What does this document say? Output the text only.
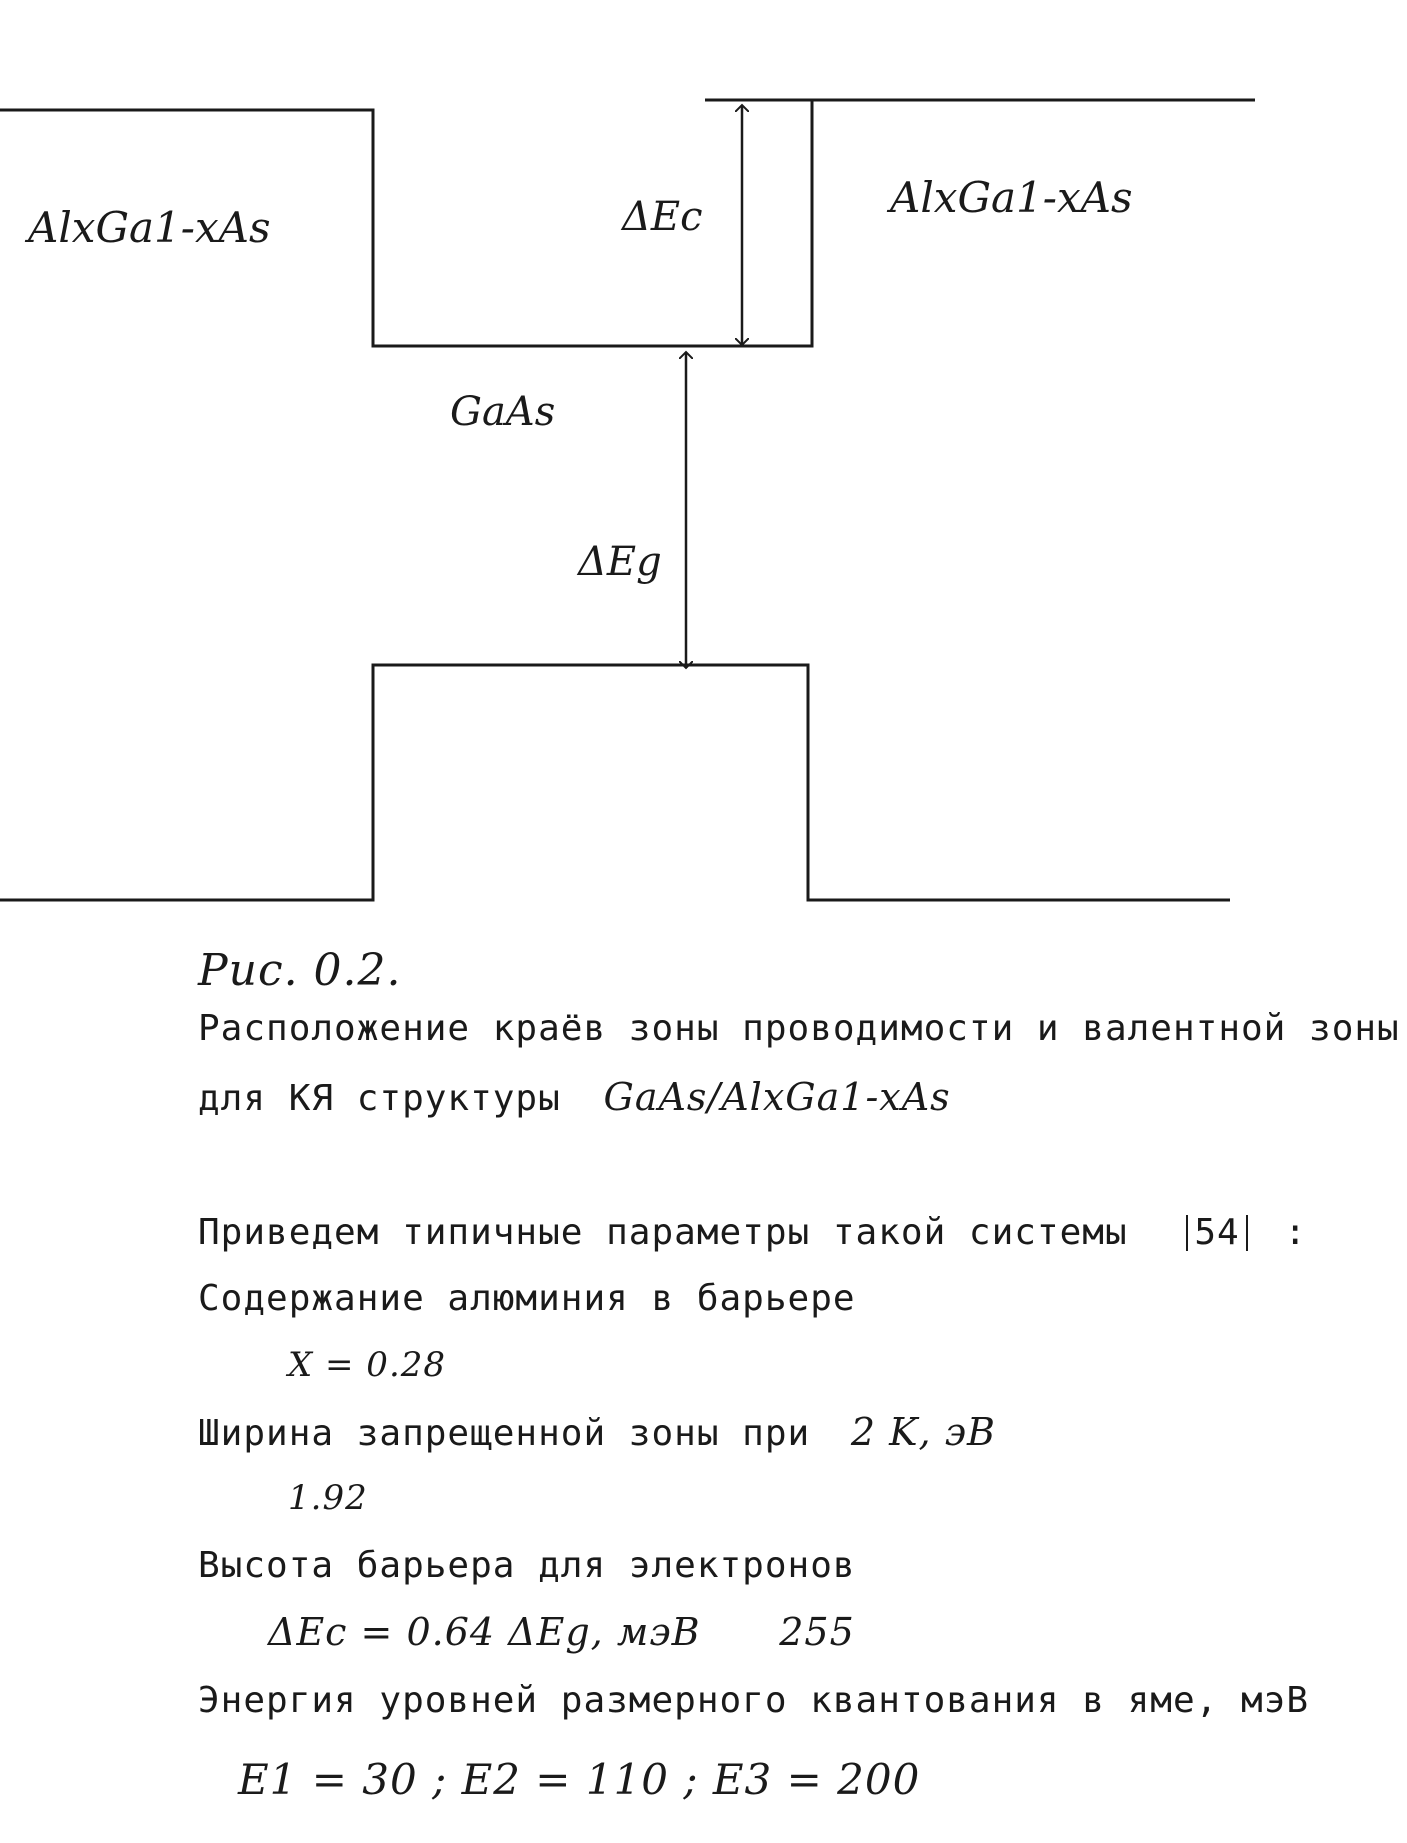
AlxGa1-xAs
AlxGa1-xAs
GaAs
ΔEc
ΔEg
Рис. 0.2.
Расположение краёв зоны проводимости и валентной зоны
для КЯ структуры GaAs/AlxGa1-xAs
Приведем типичные параметры такой системы 54 :
Содержание алюминия в барьере
X = 0.28
Ширина запрещенной зоны при 2 K, эВ
1.92
Высота барьера для электронов
ΔEc = 0.64 ΔEg, мэВ 255
Энергия уровней размерного квантования в яме, мэВ
E1 = 30 ; E2 = 110 ; E3 = 200
